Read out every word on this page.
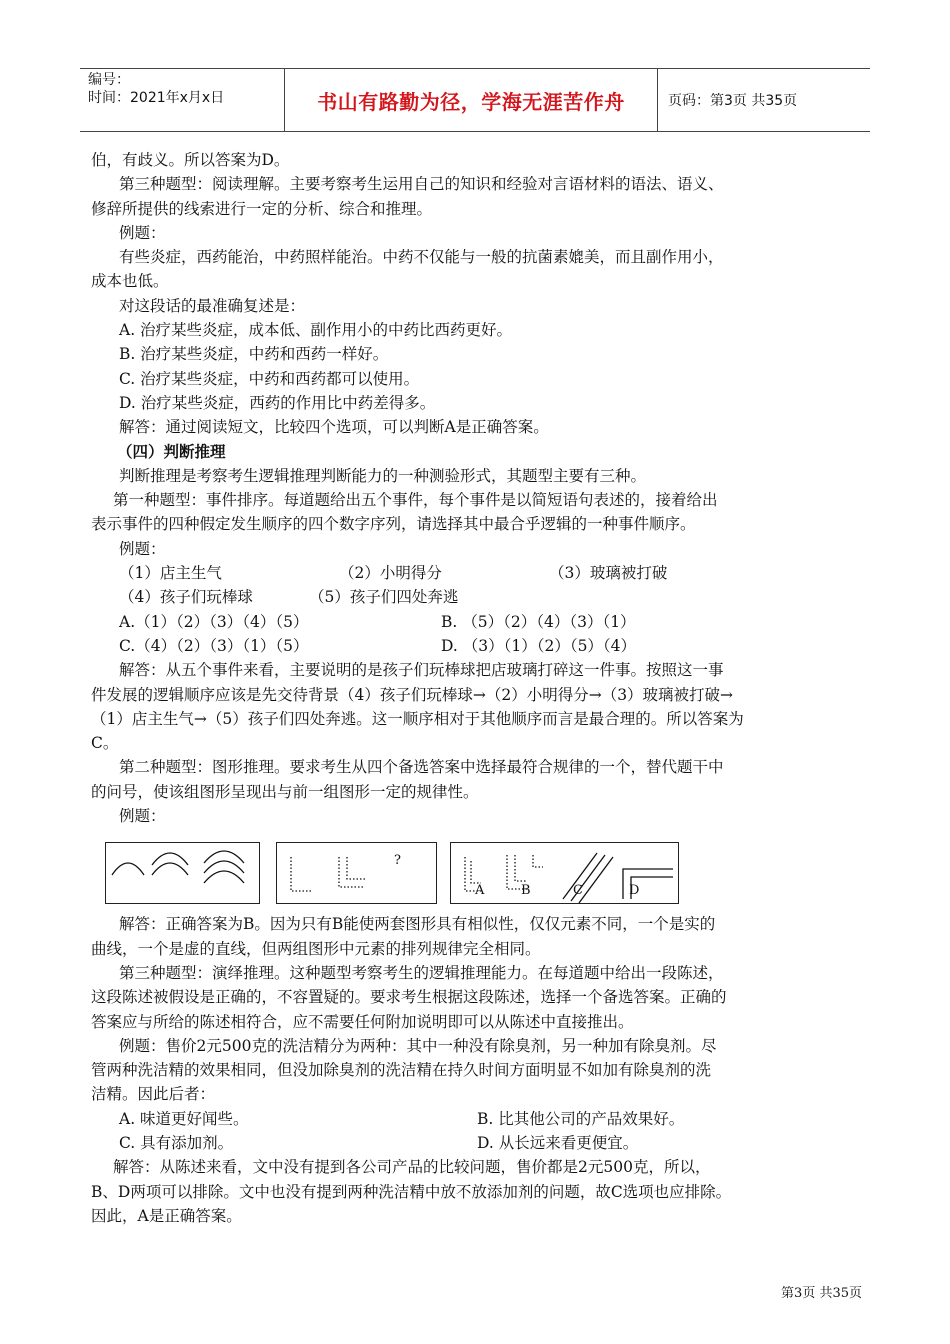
编号：
时间：2021年x月x日	书山有路勤为径，学海无涯苦作舟	页码：第3页 共35页
伯，有歧义。所以答案为D。
第三种题型：阅读理解。主要考察考生运用自己的知识和经验对言语材料的语法、语义、
修辞所提供的线索进行一定的分析、综合和推理。
例题：
有些炎症，西药能治，中药照样能治。中药不仅能与一般的抗菌素媲美，而且副作用小，
成本也低。
对这段话的最准确复述是：
A. 治疗某些炎症，成本低、副作用小的中药比西药更好。
B. 治疗某些炎症，中药和西药一样好。
C. 治疗某些炎症，中药和西药都可以使用。
D. 治疗某些炎症，西药的作用比中药差得多。
解答：通过阅读短文，比较四个选项，可以判断A是正确答案。
（四）判断推理
判断推理是考察考生逻辑推理判断能力的一种测验形式，其题型主要有三种。
第一种题型：事件排序。每道题给出五个事件，每个事件是以简短语句表述的，接着给出
表示事件的四种假定发生顺序的四个数字序列，请选择其中最合乎逻辑的一种事件顺序。
例题：
（1）店主生气	（2）小明得分	（3）玻璃被打破
（4）孩子们玩棒球	（5）孩子们四处奔逃
A.（1）（2）（3）（4）（5）	B. （5）（2）（4）（3）（1）
C.（4）（2）（3）（1）（5）	D. （3）（1）（2）（5）（4）
解答：从五个事件来看，主要说明的是孩子们玩棒球把店玻璃打碎这一件事。按照这一事
件发展的逻辑顺序应该是先交待背景（4）孩子们玩棒球→（2）小明得分→（3）玻璃被打破→
（1）店主生气→（5）孩子们四处奔逃。这一顺序相对于其他顺序而言是最合理的。所以答案为
C。
第二种题型：图形推理。要求考生从四个备选答案中选择最符合规律的一个，替代题干中
的问号，使该组图形呈现出与前一组图形一定的规律性。
例题：
?
A	B	C	D
解答：正确答案为B。因为只有B能使两套图形具有相似性，仅仅元素不同，一个是实的
曲线，一个是虚的直线，但两组图形中元素的排列规律完全相同。
第三种题型：演绎推理。这种题型考察考生的逻辑推理能力。在每道题中给出一段陈述，
这段陈述被假设是正确的，不容置疑的。要求考生根据这段陈述，选择一个备选答案。正确的
答案应与所给的陈述相符合，应不需要任何附加说明即可以从陈述中直接推出。
例题：售价2元500克的洗洁精分为两种：其中一种没有除臭剂，另一种加有除臭剂。尽
管两种洗洁精的效果相同，但没加除臭剂的洗洁精在持久时间方面明显不如加有除臭剂的洗
洁精。因此后者：
A. 味道更好闻些。	B. 比其他公司的产品效果好。
C. 具有添加剂。	D. 从长远来看更便宜。
解答：从陈述来看，文中没有提到各公司产品的比较问题，售价都是2元500克，所以，
B、D两项可以排除。文中也没有提到两种洗洁精中放不放添加剂的问题，故C选项也应排除。
因此，A是正确答案。
第3页 共35页
